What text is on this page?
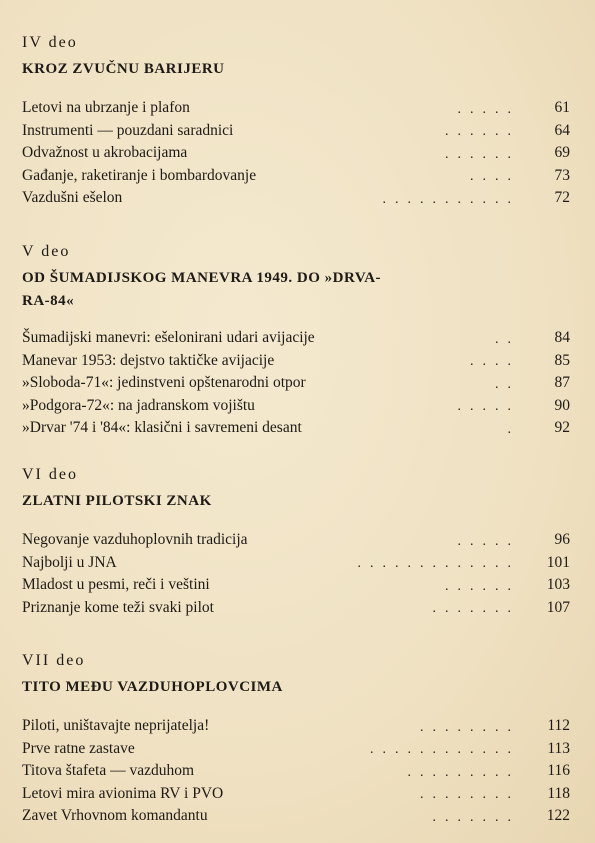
IV deo
KROZ ZVUČNU BARIJERU
Letovi na ubrzanje i plafon	..... 61
Instrumenti — pouzdani saradnici	...... 64
Odvažnost u akrobacijama	...... 69
Gađanje, raketiranje i bombardovanje	.... 73
Vazdušni ešelon	........... 72
V deo
OD ŠUMADIJSKOG MANEVRA 1949. DO »DRVA-
RA-84«
Šumadijski manevri: ešelonirani udari avijacije	.. 84
Manevar 1953: dejstvo taktičke avijacije	.... 85
»Sloboda-71«: jedinstveni opštenarodni otpor	.. 87
»Podgora-72«: na jadranskom vojištu	..... 90
»Drvar '74 i '84«: klasični i savremeni desant	. 92
VI deo
ZLATNI PILOTSKI ZNAK
Negovanje vazduhoplovnih tradicija	..... 96
Najbolji u JNA	............. 101
Mladost u pesmi, reči i veštini	...... 103
Priznanje kome teži svaki pilot	....... 107
VII deo
TITO MEĐU VAZDUHOPLOVCIMA
Piloti, uništavajte neprijatelja!	........ 112
Prve ratne zastave	............ 113
Titova štafeta — vazduhom	......... 116
Letovi mira avionima RV i PVO	........ 118
Zavet Vrhovnom komandantu	....... 122
